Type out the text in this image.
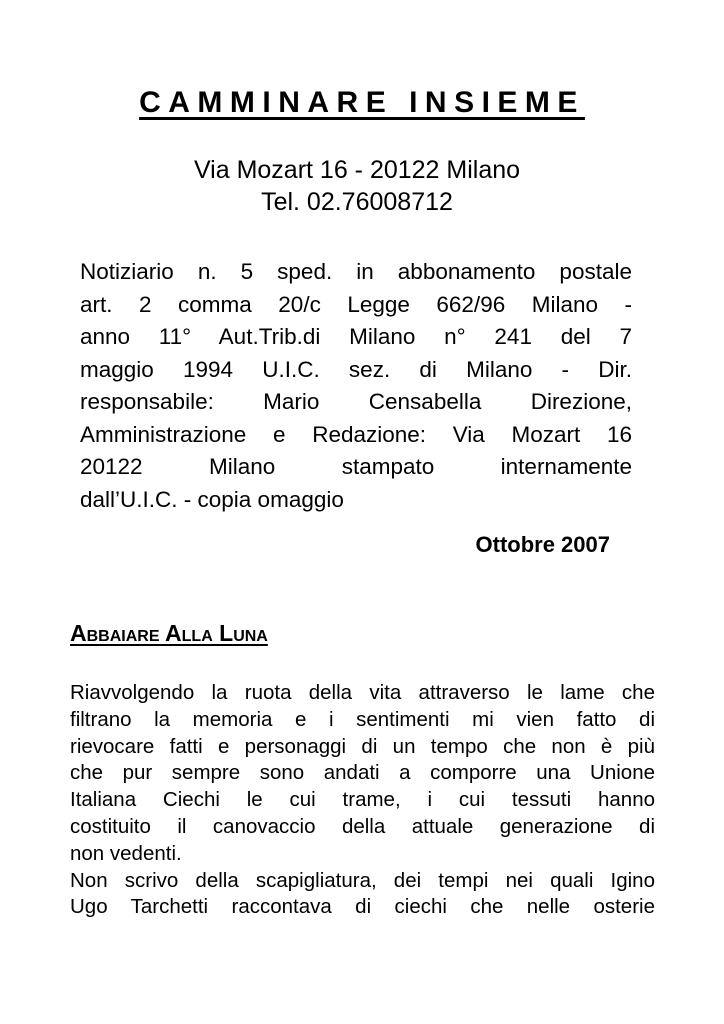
CAMMINARE INSIEME
Via Mozart 16 - 20122 Milano
Tel. 02.76008712
Notiziario n. 5 sped. in abbonamento postale
art. 2 comma 20/c Legge 662/96 Milano -
anno 11° Aut.Trib.di Milano n° 241 del 7
maggio 1994 U.I.C. sez. di Milano - Dir.
responsabile: Mario Censabella Direzione,
Amministrazione e Redazione: Via Mozart 16
20122 Milano stampato internamente
dall’U.I.C. - copia omaggio
Ottobre 2007
Abbaiare Alla Luna
Riavvolgendo la ruota della vita attraverso le lame che
filtrano la memoria e i sentimenti mi vien fatto di
rievocare fatti e personaggi di un tempo che non è più
che pur sempre sono andati a comporre una Unione
Italiana Ciechi le cui trame, i cui tessuti hanno
costituito il canovaccio della attuale generazione di
non vedenti.
Non scrivo della scapigliatura, dei tempi nei quali Igino
Ugo Tarchetti raccontava di ciechi che nelle osterie
